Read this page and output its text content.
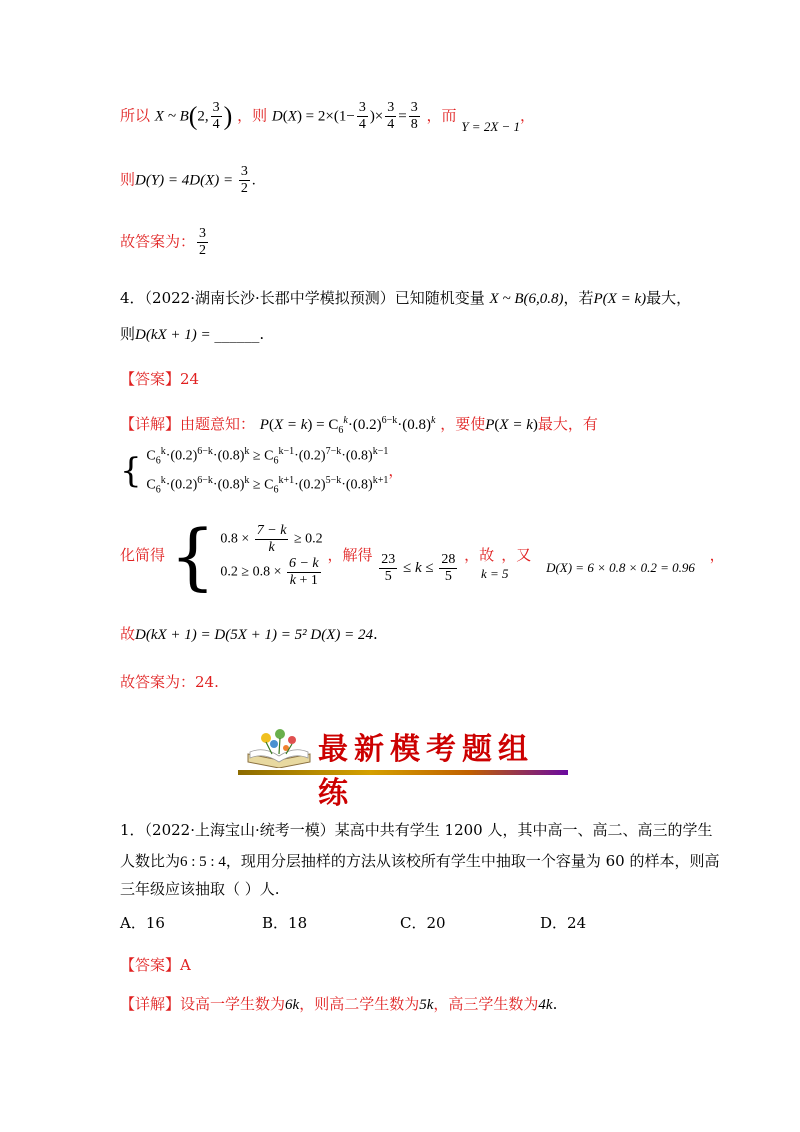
所以 X ~ B(2, $\frac{3}{4}$ ) ，则 $D(X) = 2\times(1- \frac{3}{4}$ )× $\frac{3}{4} = \frac{3}{8}$ ，而 Y = 2X − 1，
则$D(Y) = 4D(X) = \frac{3}{2}$ .
故答案为： $\frac{3}{2}$
4．（2022·湖南长沙·长郡中学模拟预测）已知随机变量 X ~ B(6,0.8)，若P(X = k)最大，
则D(kX + 1) = ______.
【答案】24
【详解】由题意知： $P(X = k) = C_6^k\cdot(0.2)^{6-k}\cdot(0.8)^k$ ，要使P(X = k)最大，有
{ $C_6^k\cdot(0.2)^{6-k}\cdot(0.8)^k \ge C_6^{k-1}\cdot(0.2)^{7-k}\cdot(0.8)^{k-1}$
$C_6^k\cdot(0.2)^{6-k}\cdot(0.8)^k \ge C_6^{k+1}\cdot(0.2)^{5-k}\cdot(0.8)^{k+1}$
，
化简得 { $0.8 \times \frac{7 - k}{k} \ge 0.2$
$0.2 \ge 0.8 \times \frac{6 - k}{k + 1}$
，解得 $\frac{23}{5} \le k \le \frac{28}{5}$ ，故 k = 5 ，又 D(X) = 6 × 0.8 × 0.2 = 0.96 ，
故D(kX + 1) = D(5X + 1) = 5² D(X) = 24.
故答案为：24.
最新模考题组练
1．（2022·上海宝山·统考一模）某高中共有学生 1200 人，其中高一、高二、高三的学生
人数比为6 : 5 : 4，现用分层抽样的方法从该校所有学生中抽取一个容量为 60 的样本，则高
三年级应该抽取（ ）人.
A．16	B．18	C．20	D．24
【答案】A
【详解】设高一学生数为6k，则高二学生数为5k，高三学生数为4k.
